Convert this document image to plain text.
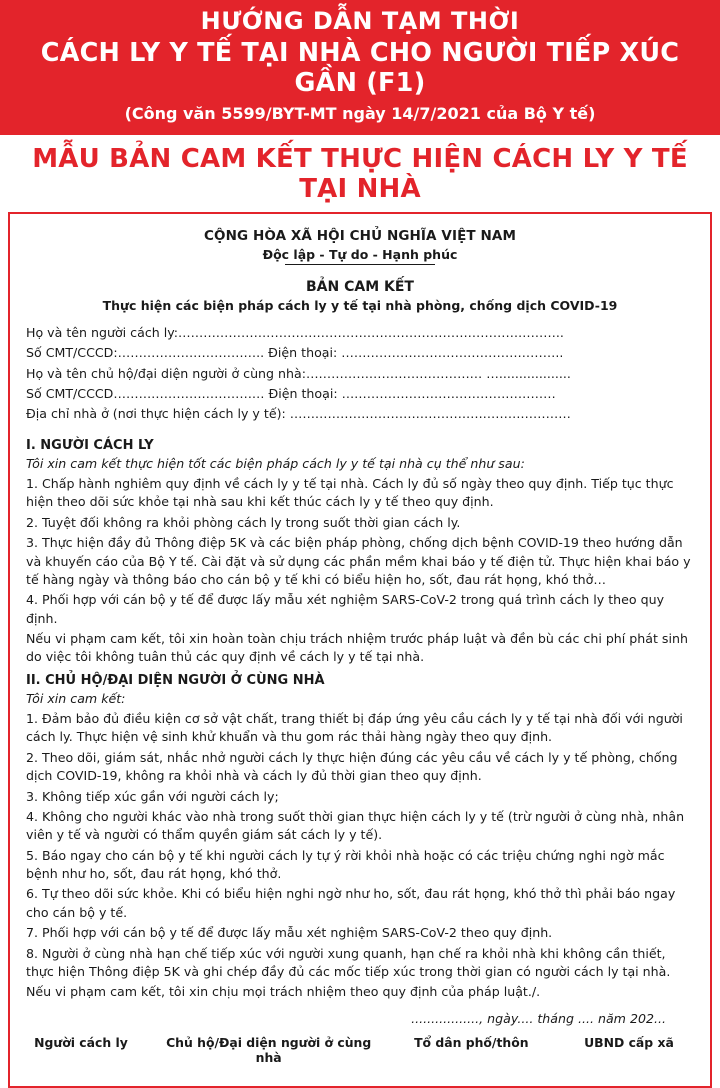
HƯỚNG DẪN TẠM THỜI
CÁCH LY Y TẾ TẠI NHÀ CHO NGƯỜI TIẾP XÚC GẦN (F1)
(Công văn 5599/BYT-MT ngày 14/7/2021 của Bộ Y tế)
MẪU BẢN CAM KẾT THỰC HIỆN CÁCH LY Y TẾ TẠI NHÀ
CỘNG HÒA XÃ HỘI CHỦ NGHĨA VIỆT NAM
Độc lập - Tự do - Hạnh phúc
BẢN CAM KẾT
Thực hiện các biện pháp cách ly y tế tại nhà phòng, chống dịch COVID-19
Họ và tên người cách ly:………………………………………………………………………………..
Số CMT/CCCD:…………………………….. Điện thoại: ……………………………………………..
Họ và tên chủ hộ/đại diện người ở cùng nhà:…………………………………… …..................
Số CMT/CCCD……………………………… Điện thoại: ……………………………………………
Địa chỉ nhà ở (nơi thực hiện cách ly y tế): ……………………………………….…………………
I. NGƯỜI CÁCH LY
Tôi xin cam kết thực hiện tốt các biện pháp cách ly y tế tại nhà cụ thể như sau:
1. Chấp hành nghiêm quy định về cách ly y tế tại nhà. Cách ly đủ số ngày theo quy định. Tiếp tục thực hiện theo dõi sức khỏe tại nhà sau khi kết thúc cách ly y tế theo quy định.
2. Tuyệt đối không ra khỏi phòng cách ly trong suốt thời gian cách ly.
3. Thực hiện đầy đủ Thông điệp 5K và các biện pháp phòng, chống dịch bệnh COVID-19 theo hướng dẫn và khuyến cáo của Bộ Y tế. Cài đặt và sử dụng các phần mềm khai báo y tế điện tử. Thực hiện khai báo y tế hàng ngày và thông báo cho cán bộ y tế khi có biểu hiện ho, sốt, đau rát họng, khó thở…
4. Phối hợp với cán bộ y tế để được lấy mẫu xét nghiệm SARS-CoV-2 trong quá trình cách ly theo quy định.
Nếu vi phạm cam kết, tôi xin hoàn toàn chịu trách nhiệm trước pháp luật và đền bù các chi phí phát sinh do việc tôi không tuân thủ các quy định về cách ly y tế tại nhà.
II. CHỦ HỘ/ĐẠI DIỆN NGƯỜI Ở CÙNG NHÀ
Tôi xin cam kết:
1. Đảm bảo đủ điều kiện cơ sở vật chất, trang thiết bị đáp ứng yêu cầu cách ly y tế tại nhà đối với người cách ly. Thực hiện vệ sinh khử khuẩn và thu gom rác thải hàng ngày theo quy định.
2. Theo dõi, giám sát, nhắc nhở người cách ly thực hiện đúng các yêu cầu về cách ly y tế phòng, chống dịch COVID-19, không ra khỏi nhà và cách ly đủ thời gian theo quy định.
3. Không tiếp xúc gần với người cách ly;
4. Không cho người khác vào nhà trong suốt thời gian thực hiện cách ly y tế (trừ người ở cùng nhà, nhân viên y tế và người có thẩm quyền giám sát cách ly y tế).
5. Báo ngay cho cán bộ y tế khi người cách ly tự ý rời khỏi nhà hoặc có các triệu chứng nghi ngờ mắc bệnh như ho, sốt, đau rát họng, khó thở.
6. Tự theo dõi sức khỏe. Khi có biểu hiện nghi ngờ như ho, sốt, đau rát họng, khó thở thì phải báo ngay cho cán bộ y tế.
7. Phối hợp với cán bộ y tế để được lấy mẫu xét nghiệm SARS-CoV-2 theo quy định.
8. Người ở cùng nhà hạn chế tiếp xúc với người xung quanh, hạn chế ra khỏi nhà khi không cần thiết, thực hiện Thông điệp 5K và ghi chép đầy đủ các mốc tiếp xúc trong thời gian có người cách ly tại nhà.
Nếu vi phạm cam kết, tôi xin chịu mọi trách nhiệm theo quy định của pháp luật./.
................., ngày.... tháng .... năm 202...
Người cách ly	Chủ hộ/Đại diện người ở cùng nhà
Tổ dân phố/thôn	UBND cấp xã
